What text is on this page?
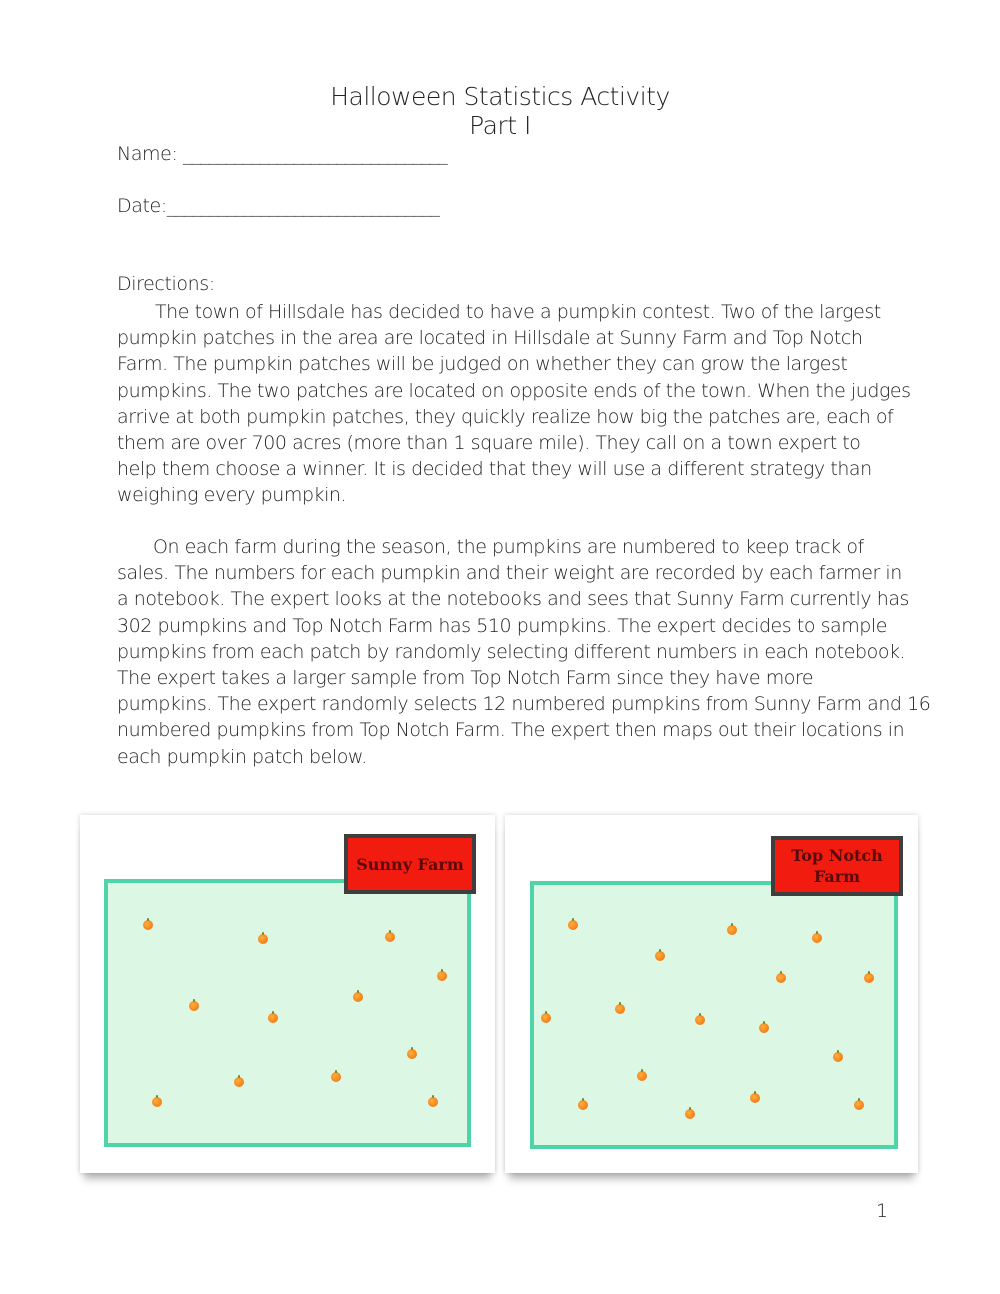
Halloween Statistics Activity
Part I
Name: _______________________________
Date:________________________________
Directions:

The town of Hillsdale has decided to have a pumpkin contest. Two of the largest
pumpkin patches in the area are located in Hillsdale at Sunny Farm and Top Notch
Farm. The pumpkin patches will be judged on whether they can grow the largest
pumpkins. The two patches are located on opposite ends of the town. When the judges
arrive at both pumpkin patches, they quickly realize how big the patches are, each of
them are over 700 acres (more than 1 square mile). They call on a town expert to
help them choose a winner. It is decided that they will use a different strategy than
weighing every pumpkin.

On each farm during the season, the pumpkins are numbered to keep track of
sales. The numbers for each pumpkin and their weight are recorded by each farmer in
a notebook. The expert looks at the notebooks and sees that Sunny Farm currently has
302 pumpkins and Top Notch Farm has 510 pumpkins. The expert decides to sample
pumpkins from each patch by randomly selecting different numbers in each notebook.
The expert takes a larger sample from Top Notch Farm since they have more
pumpkins. The expert randomly selects 12 numbered pumpkins from Sunny Farm and 16
numbered pumpkins from Top Notch Farm. The expert then maps out their locations in
each pumpkin patch below.

Sunny Farm	Top Notch
Farm
1
